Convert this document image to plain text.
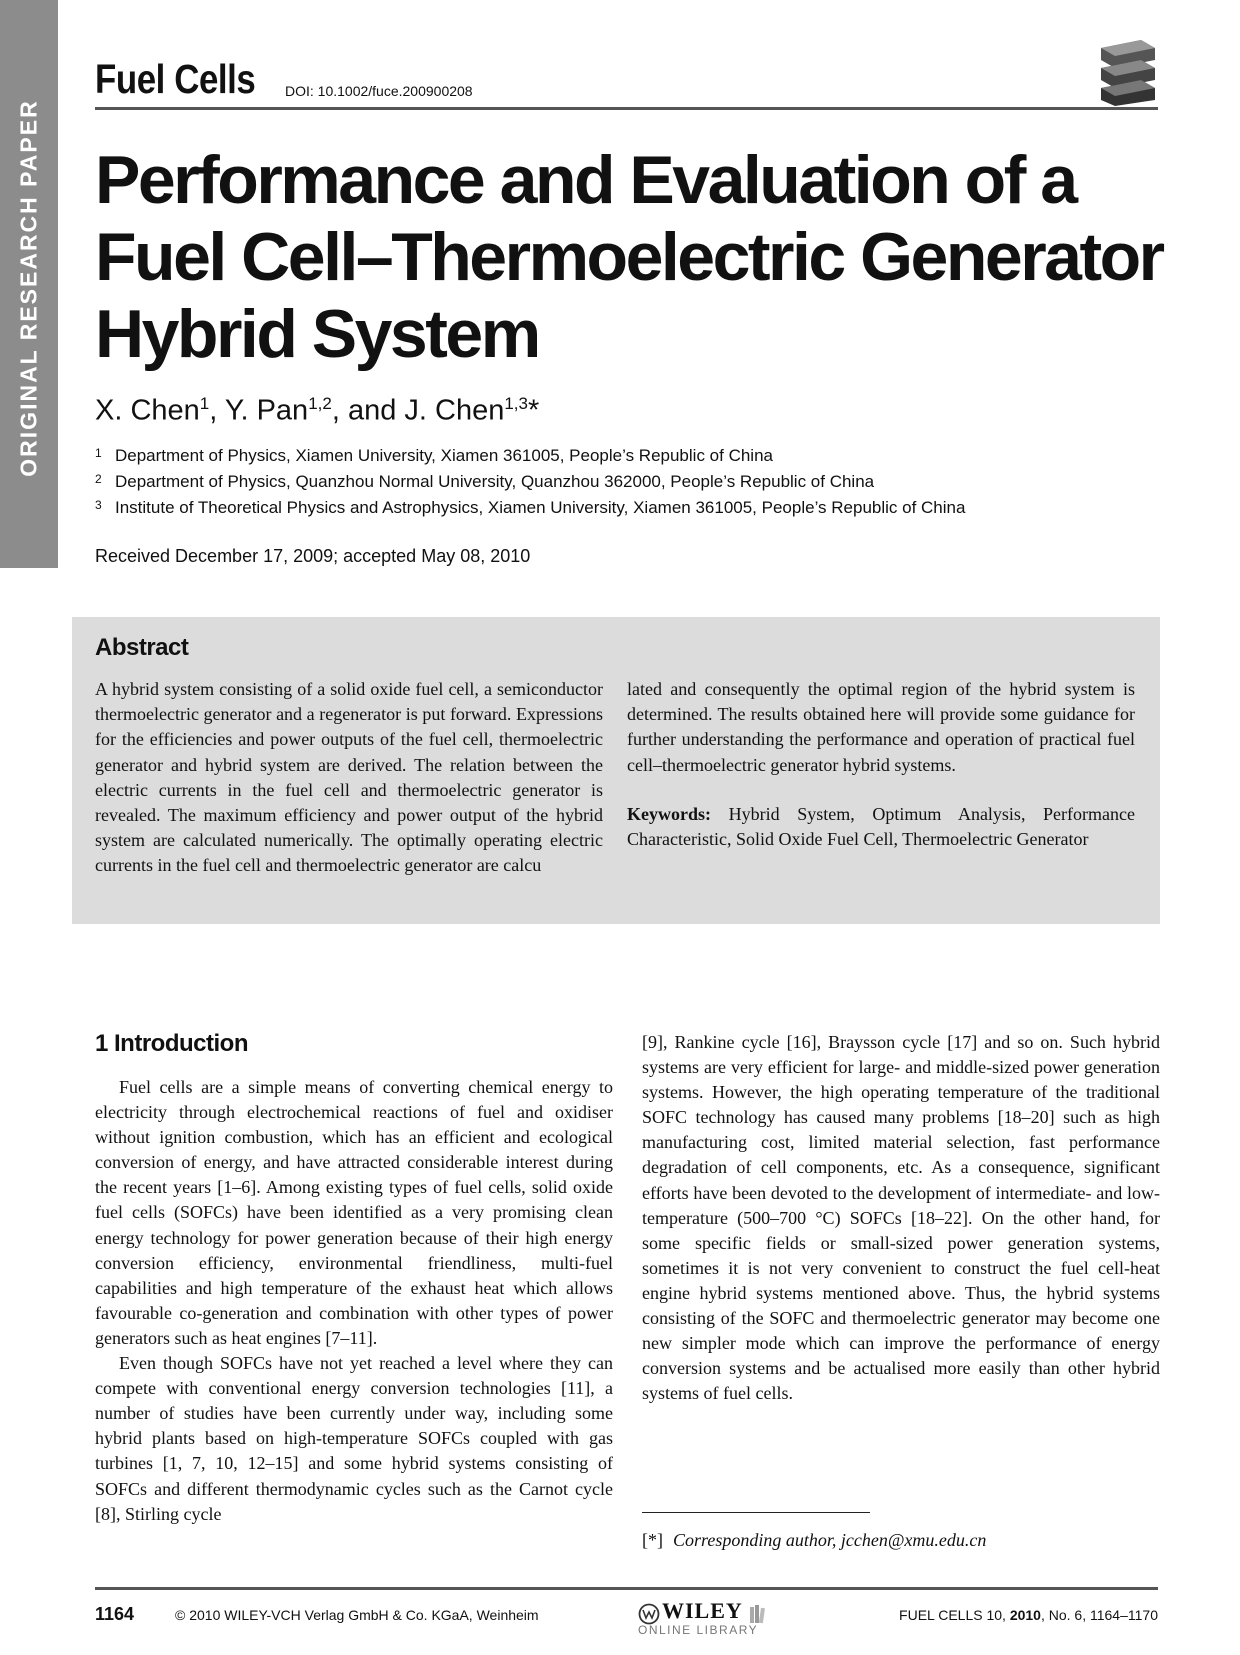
ORIGINAL RESEARCH PAPER
Fuel Cells DOI: 10.1002/fuce.200900208
Performance and Evaluation of a Fuel Cell–Thermoelectric Generator Hybrid System
X. Chen$^1$, Y. Pan$^{1,2}$, and J. Chen$^{1,3}$*
1 Department of Physics, Xiamen University, Xiamen 361005, People’s Republic of China
2 Department of Physics, Quanzhou Normal University, Quanzhou 362000, People’s Republic of China
3 Institute of Theoretical Physics and Astrophysics, Xiamen University, Xiamen 361005, People’s Republic of China
Received December 17, 2009; accepted May 08, 2010
Abstract
A hybrid system consisting of a solid oxide fuel cell, a semiconductor thermoelectric generator and a regenerator is put forward. Expressions for the efficiencies and power outputs of the fuel cell, thermoelectric generator and hybrid system are derived. The relation between the electric currents in the fuel cell and thermoelectric generator is revealed. The maximum efficiency and power output of the hybrid system are calculated numerically. The optimally operating electric currents in the fuel cell and thermoelectric generator are calcu
lated and consequently the optimal region of the hybrid system is determined. The results obtained here will provide some guidance for further understanding the performance and operation of practical fuel cell–thermoelectric generator hybrid systems.
Keywords: Hybrid System, Optimum Analysis, Performance Characteristic, Solid Oxide Fuel Cell, Thermoelectric Generator
1 Introduction

Fuel cells are a simple means of converting chemical energy to electricity through electrochemical reactions of fuel and oxidiser without ignition combustion, which has an efficient and ecological conversion of energy, and have attracted considerable interest during the recent years [1–6]. Among existing types of fuel cells, solid oxide fuel cells (SOFCs) have been identified as a very promising clean energy technology for power generation because of their high energy conversion efficiency, environmental friendliness, multi-fuel capabilities and high temperature of the exhaust heat which allows favourable co-generation and combination with other types of power generators such as heat engines [7–11].

Even though SOFCs have not yet reached a level where they can compete with conventional energy conversion technologies [11], a number of studies have been currently under way, including some hybrid plants based on high-temperature SOFCs coupled with gas turbines [1, 7, 10, 12–15] and some hybrid systems consisting of SOFCs and different thermodynamic cycles such as the Carnot cycle [8], Stirling cycle

[9], Rankine cycle [16], Braysson cycle [17] and so on. Such hybrid systems are very efficient for large- and middle-sized power generation systems. However, the high operating temperature of the traditional SOFC technology has caused many problems [18–20] such as high manufacturing cost, limited material selection, fast performance degradation of cell components, etc. As a consequence, significant efforts have been devoted to the development of intermediate- and low-temperature (500–700 °C) SOFCs [18–22]. On the other hand, for some specific fields or small-sized power generation systems, sometimes it is not very convenient to construct the fuel cell-heat engine hybrid systems mentioned above. Thus, the hybrid systems consisting of the SOFC and thermoelectric generator may become one new simpler mode which can improve the performance of energy conversion systems and be actualised more easily than other hybrid systems of fuel cells.

[*] Corresponding author, jcchen@xmu.edu.cn
1164	© 2010 WILEY-VCH Verlag GmbH & Co. KGaA, Weinheim	WILEY
ONLINE LIBRARY
FUEL CELLS 10, 2010, No. 6, 1164–1170
